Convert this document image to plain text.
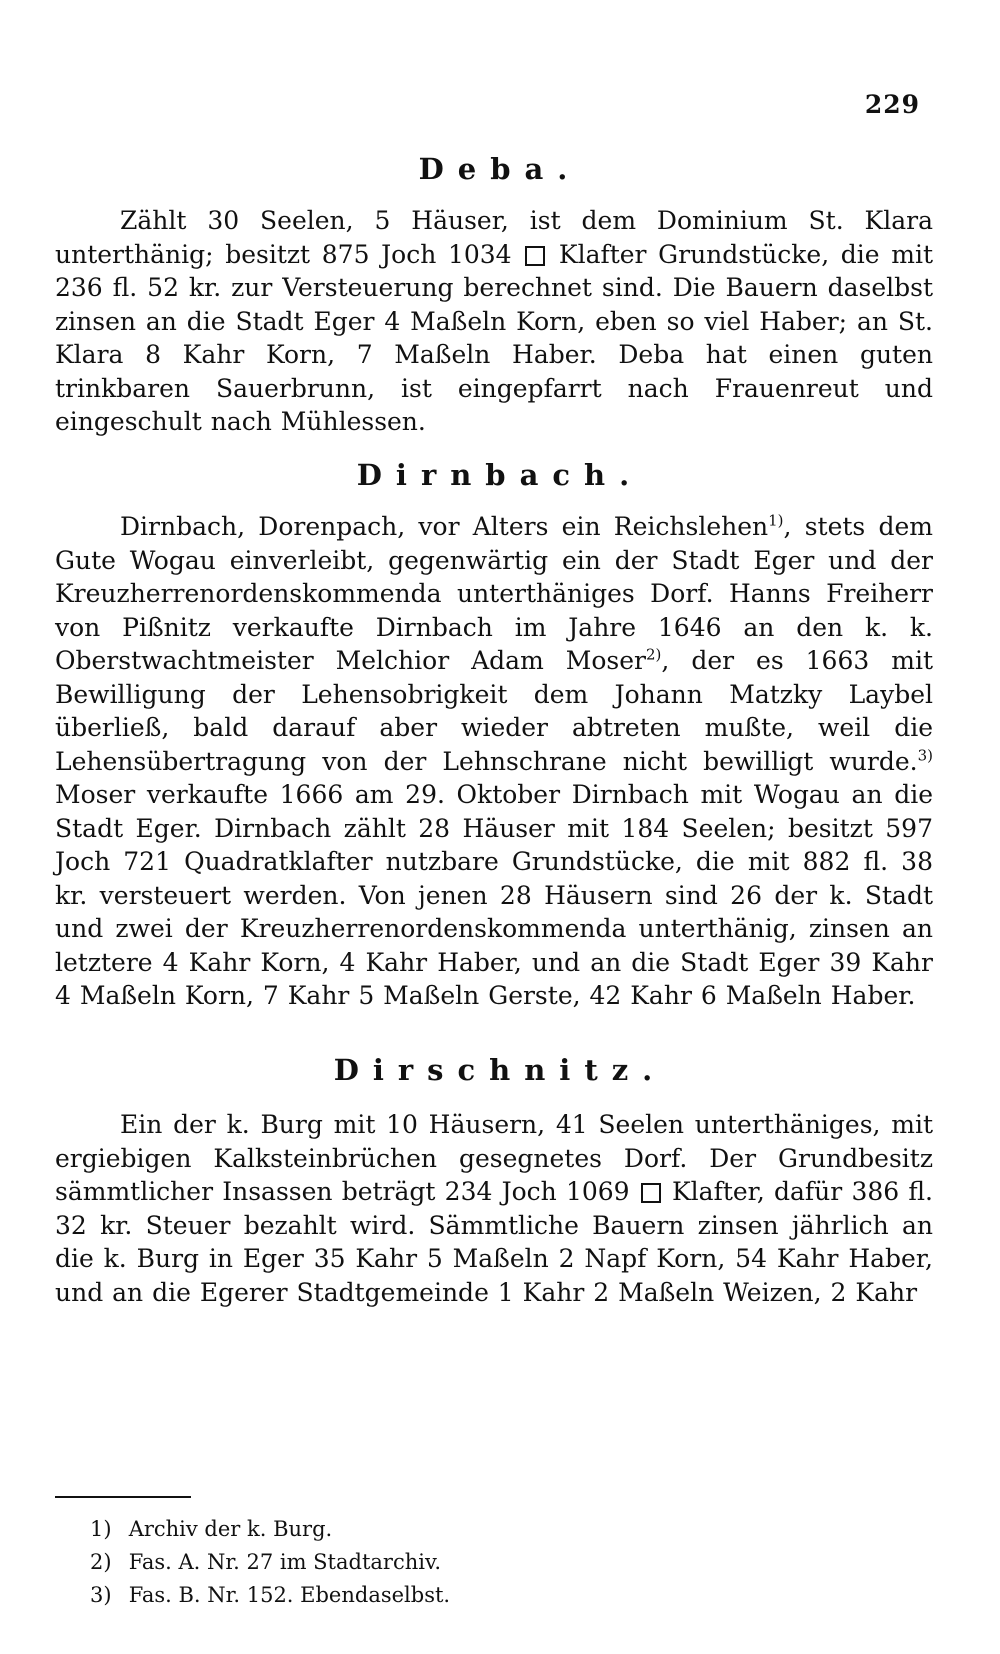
229
Deba.

Zählt 30 Seelen, 5 Häuser, ist dem Dominium St. Klara unterthänig; besitzt 875 Joch 1034 Klafter Grundstücke, die mit 236 fl. 52 kr. zur Versteuerung berechnet sind. Die Bauern daselbst zinsen an die Stadt Eger 4 Maßeln Korn, eben so viel Haber; an St. Klara 8 Kahr Korn, 7 Maßeln Haber. Deba hat einen guten trinkbaren Sauerbrunn, ist eingepfarrt nach Frauenreut und eingeschult nach Mühlessen.

Dirnbach.

Dirnbach, Dorenpach, vor Alters ein Reichslehen$^{1)}$, stets dem Gute Wogau einverleibt, gegenwärtig ein der Stadt Eger und der Kreuzherrenordenskommenda unterthäniges Dorf. Hanns Freiherr von Pißnitz verkaufte Dirnbach im Jahre 1646 an den k. k. Oberstwachtmeister Melchior Adam Moser$^{2)}$, der es 1663 mit Bewilligung der Lehensobrigkeit dem Johann Matzky Laybel überließ, bald darauf aber wieder abtreten mußte, weil die Lehensübertragung von der Lehnschrane nicht bewilligt wurde.$^{3)}$ Moser verkaufte 1666 am 29. Oktober Dirnbach mit Wogau an die Stadt Eger. Dirnbach zählt 28 Häuser mit 184 Seelen; besitzt 597 Joch 721 Quadratklafter nutzbare Grundstücke, die mit 882 fl. 38 kr. versteuert werden. Von jenen 28 Häusern sind 26 der k. Stadt und zwei der Kreuzherrenordenskommenda unterthänig, zinsen an letztere 4 Kahr Korn, 4 Kahr Haber, und an die Stadt Eger 39 Kahr 4 Maßeln Korn, 7 Kahr 5 Maßeln Gerste, 42 Kahr 6 Maßeln Haber.

Dirschnitz.

Ein der k. Burg mit 10 Häusern, 41 Seelen unterthäniges, mit ergiebigen Kalksteinbrüchen gesegnetes Dorf. Der Grundbesitz sämmtlicher Insassen beträgt 234 Joch 1069 Klafter, dafür 386 fl. 32 kr. Steuer bezahlt wird. Sämmtliche Bauern zinsen jährlich an die k. Burg in Eger 35 Kahr 5 Maßeln 2 Napf Korn, 54 Kahr Haber, und an die Egerer Stadtgemeinde 1 Kahr 2 Maßeln Weizen, 2 Kahr

1) Archiv der k. Burg.
2) Fas. A. Nr. 27 im Stadtarchiv.
3) Fas. B. Nr. 152. Ebendaselbst.
